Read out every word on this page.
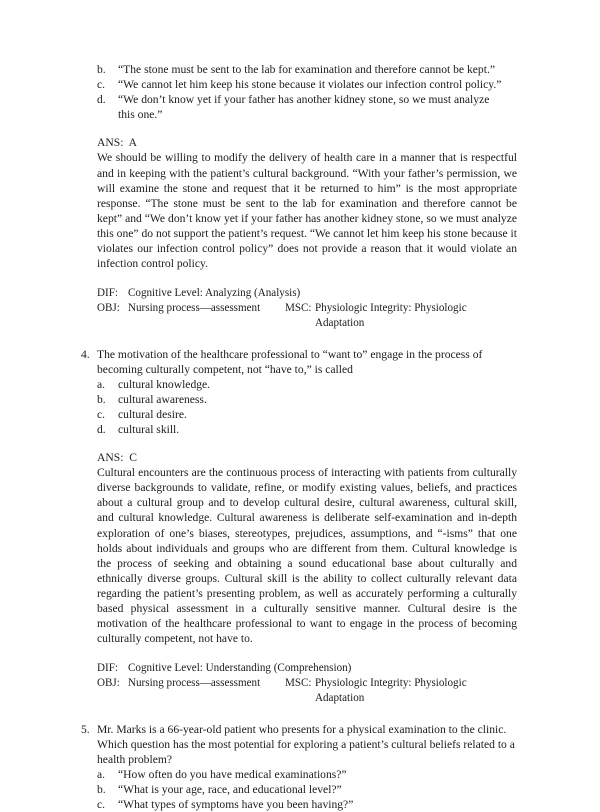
b.	“The stone must be sent to the lab for examination and therefore cannot be kept.”
c.	“We cannot let him keep his stone because it violates our infection control policy.”
d.	“We don’t know yet if your father has another kidney stone, so we must analyze
this one.”
ANS:  A
We should be willing to modify the delivery of health care in a manner that is respectful and in keeping with the patient’s cultural background. “With your father’s permission, we will examine the stone and request that it be returned to him” is the most appropriate response. “The stone must be sent to the lab for examination and therefore cannot be kept” and “We don’t know yet if your father has another kidney stone, so we must analyze this one” do not support the patient’s request. “We cannot let him keep his stone because it violates our infection control policy” does not provide a reason that it would violate an infection control policy.
DIF: Cognitive Level: Analyzing (Analysis)
OBJ: Nursing process—assessment	MSC: Physiologic Integrity: Physiologic Adaptation
4. The motivation of the healthcare professional to “want to” engage in the process of becoming culturally competent, not “have to,” is called
a.	cultural knowledge.
b.	cultural awareness.
c.	cultural desire.
d.	cultural skill.
ANS:  C
Cultural encounters are the continuous process of interacting with patients from culturally diverse backgrounds to validate, refine, or modify existing values, beliefs, and practices about a cultural group and to develop cultural desire, cultural awareness, cultural skill, and cultural knowledge. Cultural awareness is deliberate self-examination and in-depth exploration of one’s biases, stereotypes, prejudices, assumptions, and “-isms” that one holds about individuals and groups who are different from them. Cultural knowledge is the process of seeking and obtaining a sound educational base about culturally and ethnically diverse groups. Cultural skill is the ability to collect culturally relevant data regarding the patient’s presenting problem, as well as accurately performing a culturally based physical assessment in a culturally sensitive manner. Cultural desire is the motivation of the healthcare professional to want to engage in the process of becoming culturally competent, not have to.
DIF: Cognitive Level: Understanding (Comprehension)
OBJ: Nursing process—assessment	MSC: Physiologic Integrity: Physiologic Adaptation
5. Mr. Marks is a 66-year-old patient who presents for a physical examination to the clinic. Which question has the most potential for exploring a patient’s cultural beliefs related to a health problem?
a.	“How often do you have medical examinations?”
b.	“What is your age, race, and educational level?”
c.	“What types of symptoms have you been having?”
